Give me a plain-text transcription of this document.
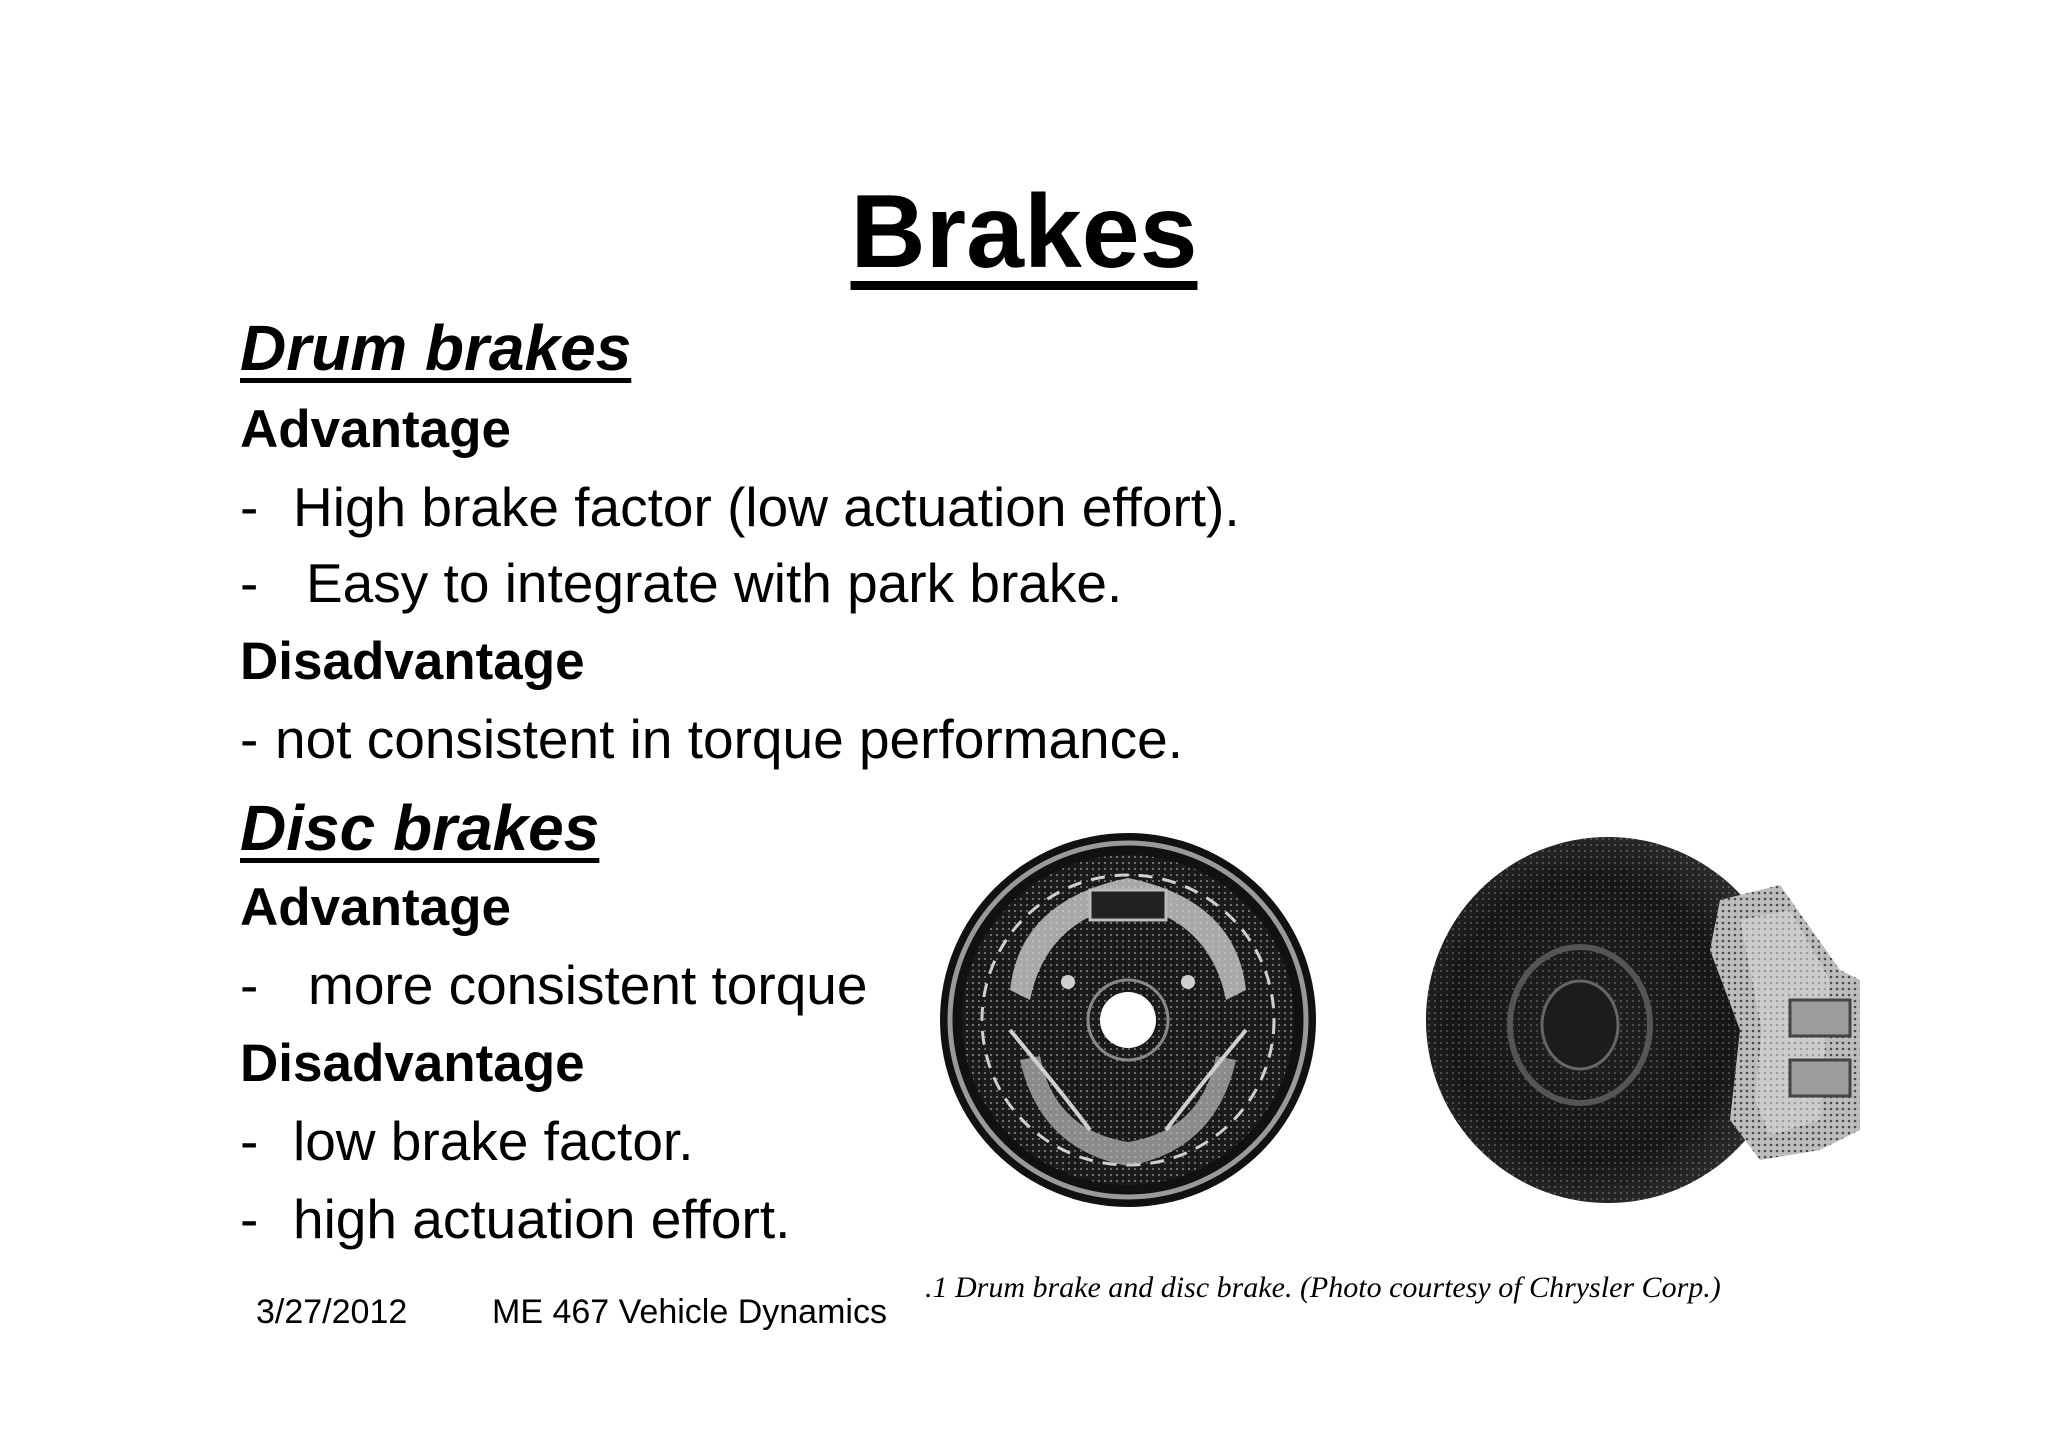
Brakes
Drum brakes
Advantage
- High brake factor (low actuation effort).
- Easy to integrate with park brake.
Disadvantage
- not consistent in torque performance.
Disc brakes
Advantage
- more consistent torque
Disadvantage
- low brake factor.
- high actuation effort.
.1 Drum brake and disc brake. (Photo courtesy of Chrysler Corp.)
3/27/2012 ME 467 Vehicle Dynamics
